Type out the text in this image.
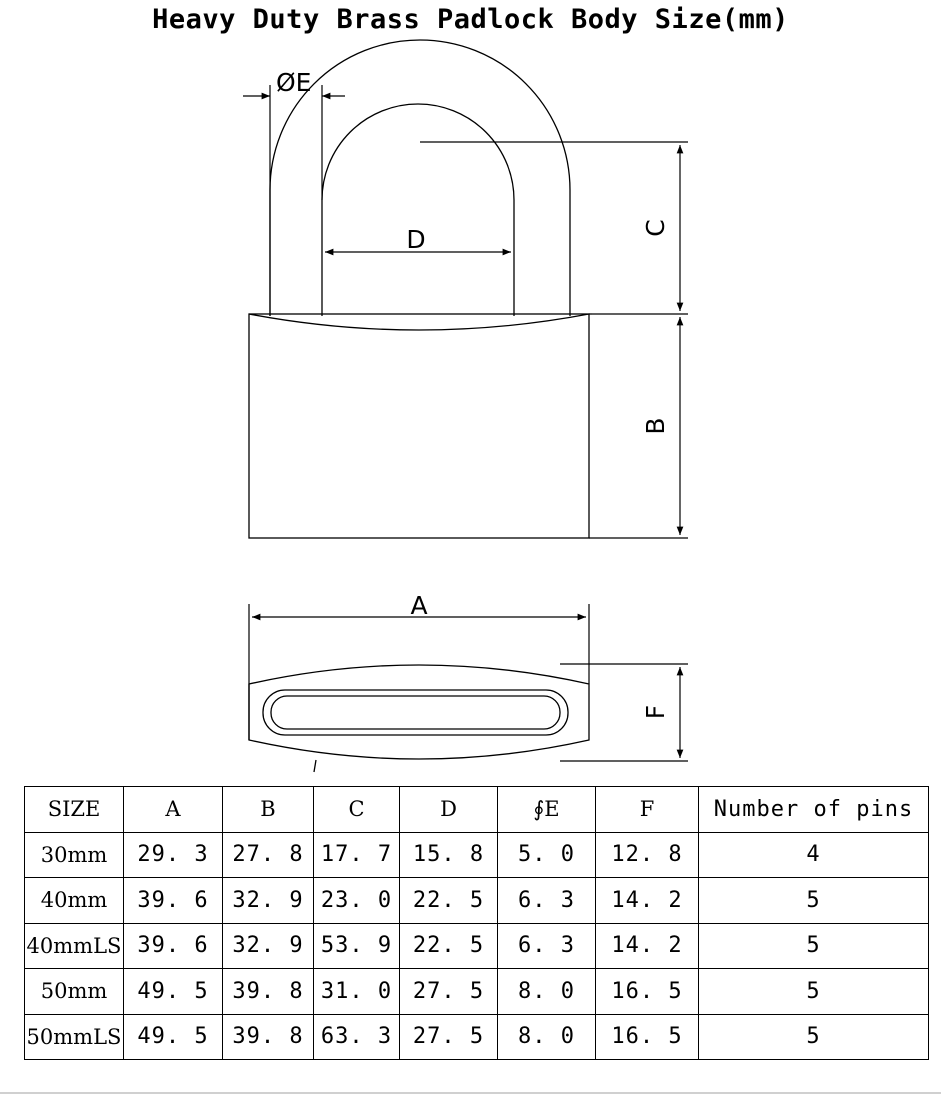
Heavy Duty Brass Padlock Body Size(mm)
ØE
D	C
B
A
F
SIZE	A	B	C	D	∮E	F	Number of pins
30mm	29. 3	27. 8	17. 7	15. 8	5. 0	12. 8	4
40mm	39. 6	32. 9	23. 0	22. 5	6. 3	14. 2	5
40mmLS	39. 6	32. 9	53. 9	22. 5	6. 3	14. 2	5
50mm	49. 5	39. 8	31. 0	27. 5	8. 0	16. 5	5
50mmLS	49. 5	39. 8	63. 3	27. 5	8. 0	16. 5	5
